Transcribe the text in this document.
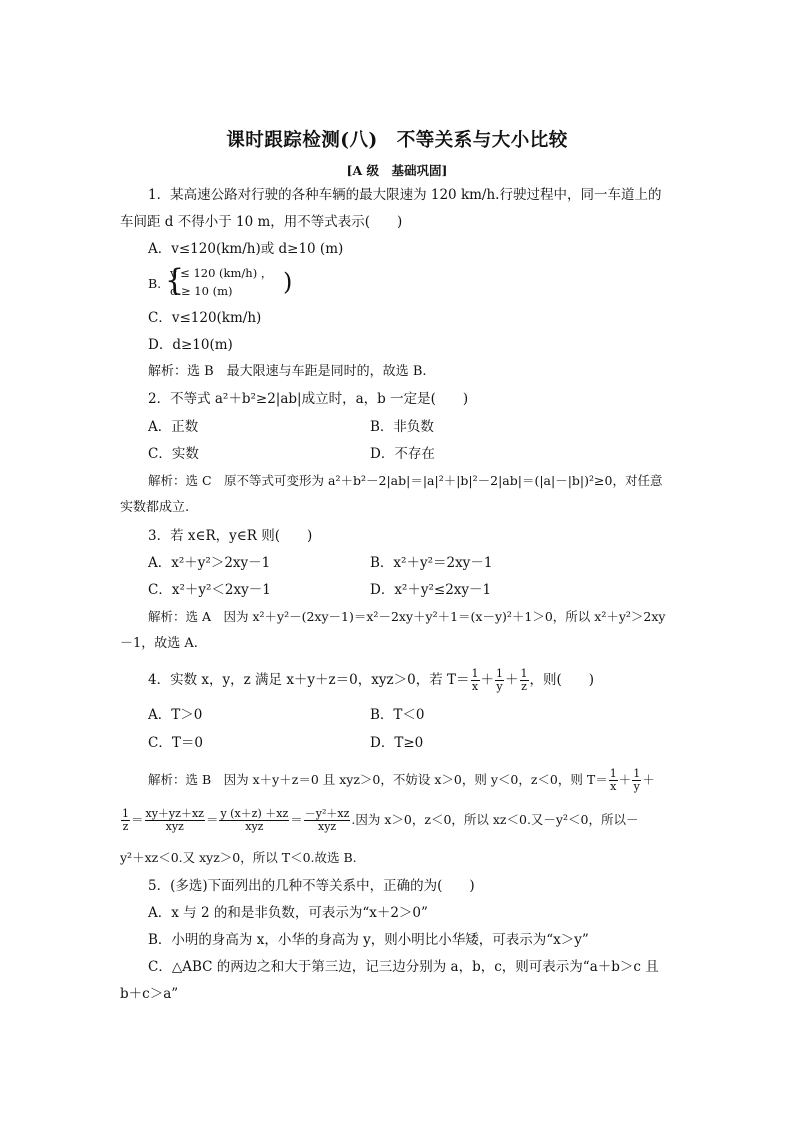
课时跟踪检测(八)　不等关系与大小比较
[A 级　基础巩固]
1．某高速公路对行驶的各种车辆的最大限速为 120 km/h.行驶过程中，同一车道上的
车间距 d 不得小于 10 m，用不等式表示(　　)
A．v≤120(km/h)或 d≥10 (m)
B. {
v ≤ 120 (km/h) ，
d ≥ 10 (m) )
C．v≤120(km/h)
D．d≥10(m)
解析：选 B　最大限速与车距是同时的，故选 B.
2．不等式 a²＋b²≥2|ab|成立时，a，b 一定是(　　)
A．正数	B．非负数
C．实数	D．不存在
解析：选 C　原不等式可变形为 a²＋b²－2|ab|＝|a|²＋|b|²－2|ab|＝(|a|－|b|)²≥0，对任意
实数都成立.
3．若 x∈R，y∈R 则(　　)
A．x²＋y²＞2xy－1	B．x²＋y²＝2xy－1
C．x²＋y²＜2xy－1	D．x²＋y²≤2xy－1
解析：选 A　因为 x²＋y²－(2xy－1)＝x²－2xy＋y²＋1＝(x－y)²＋1＞0，所以 x²＋y²＞2xy
－1，故选 A.
4．实数 x，y，z 满足 x＋y＋z＝0，xyz＞0，若 $T= \frac{1}{x} + \frac{1}{y} + \frac{1}{z}$ ，则(　　)
A．T＞0	B．T＜0
C．T＝0	D．T≥0
解析：选 B　因为 x＋y＋z＝0 且 xyz＞0，不妨设 x＞0，则 y＜0，z＜0，则 $T= \frac{1}{x} + \frac{1}{y}$ ＋
$\frac{1}{z} = \frac{xy+yz+xz}{\text{xyz}} = \frac{y (x+z) +xz}{\text{xyz}} = \frac{\text{－y²＋xz}}{\text{xyz}}$ .因为 x＞0，z＜0，所以 xz＜0.又－y²＜0，所以－
y²＋xz＜0.又 xyz＞0，所以 T＜0.故选 B.
5．(多选)下面列出的几种不等关系中，正确的为(　　)
A．x 与 2 的和是非负数，可表示为“x＋2＞0”
B．小明的身高为 x，小华的身高为 y，则小明比小华矮，可表示为“x＞y”
C．△ABC 的两边之和大于第三边，记三边分别为 a，b，c，则可表示为“a＋b＞c 且
b＋c＞a”
